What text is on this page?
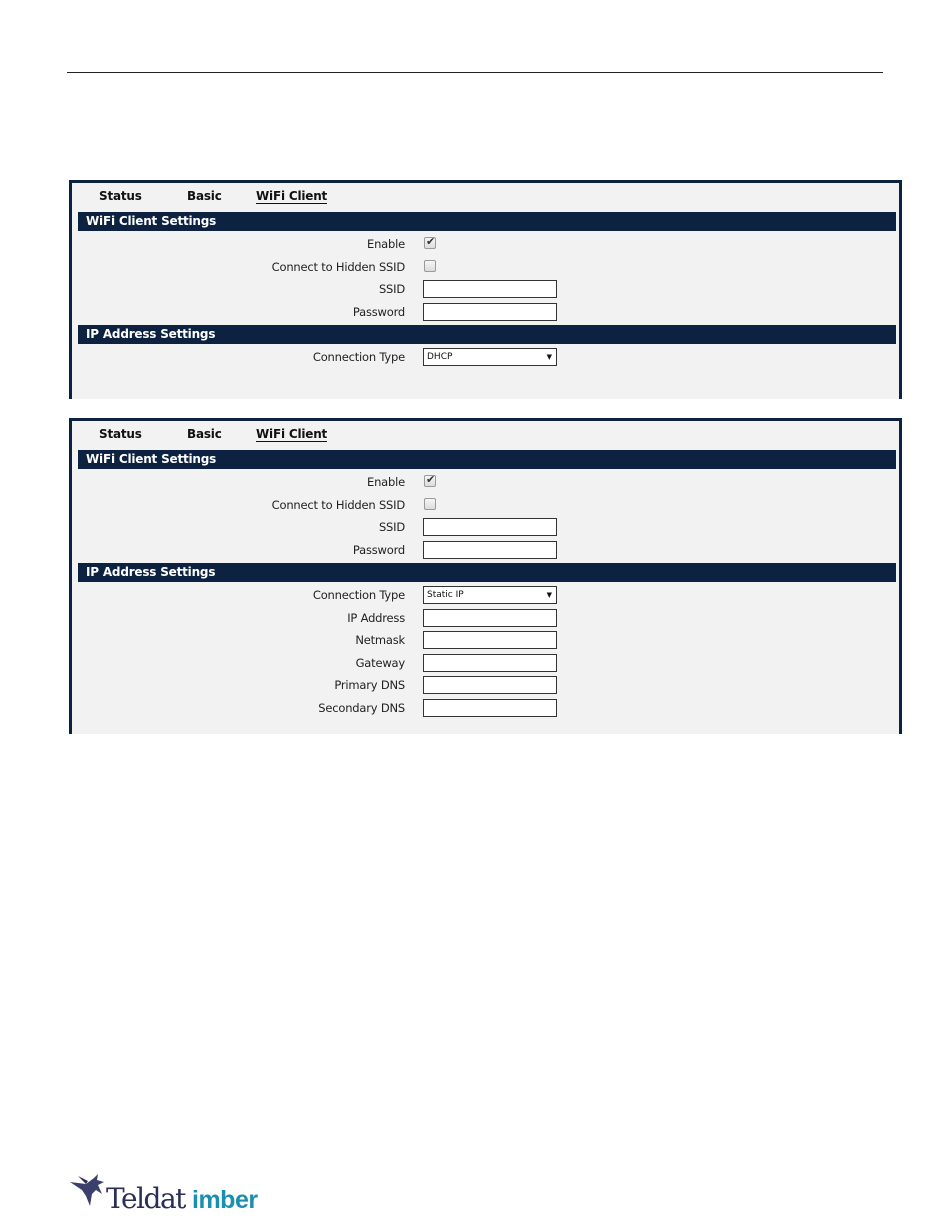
Status	Basic	WiFi Client
WiFi Client Settings
Enable ✔
Connect to Hidden SSID
SSID
Password
IP Address Settings
Connection Type	DHCP	▼
Status	Basic	WiFi Client
WiFi Client Settings
Enable ✔
Connect to Hidden SSID
SSID
Password
IP Address Settings
Connection Type	Static IP	▼
IP Address
Netmask
Gateway
Primary DNS
Secondary DNS
Teldat imber
